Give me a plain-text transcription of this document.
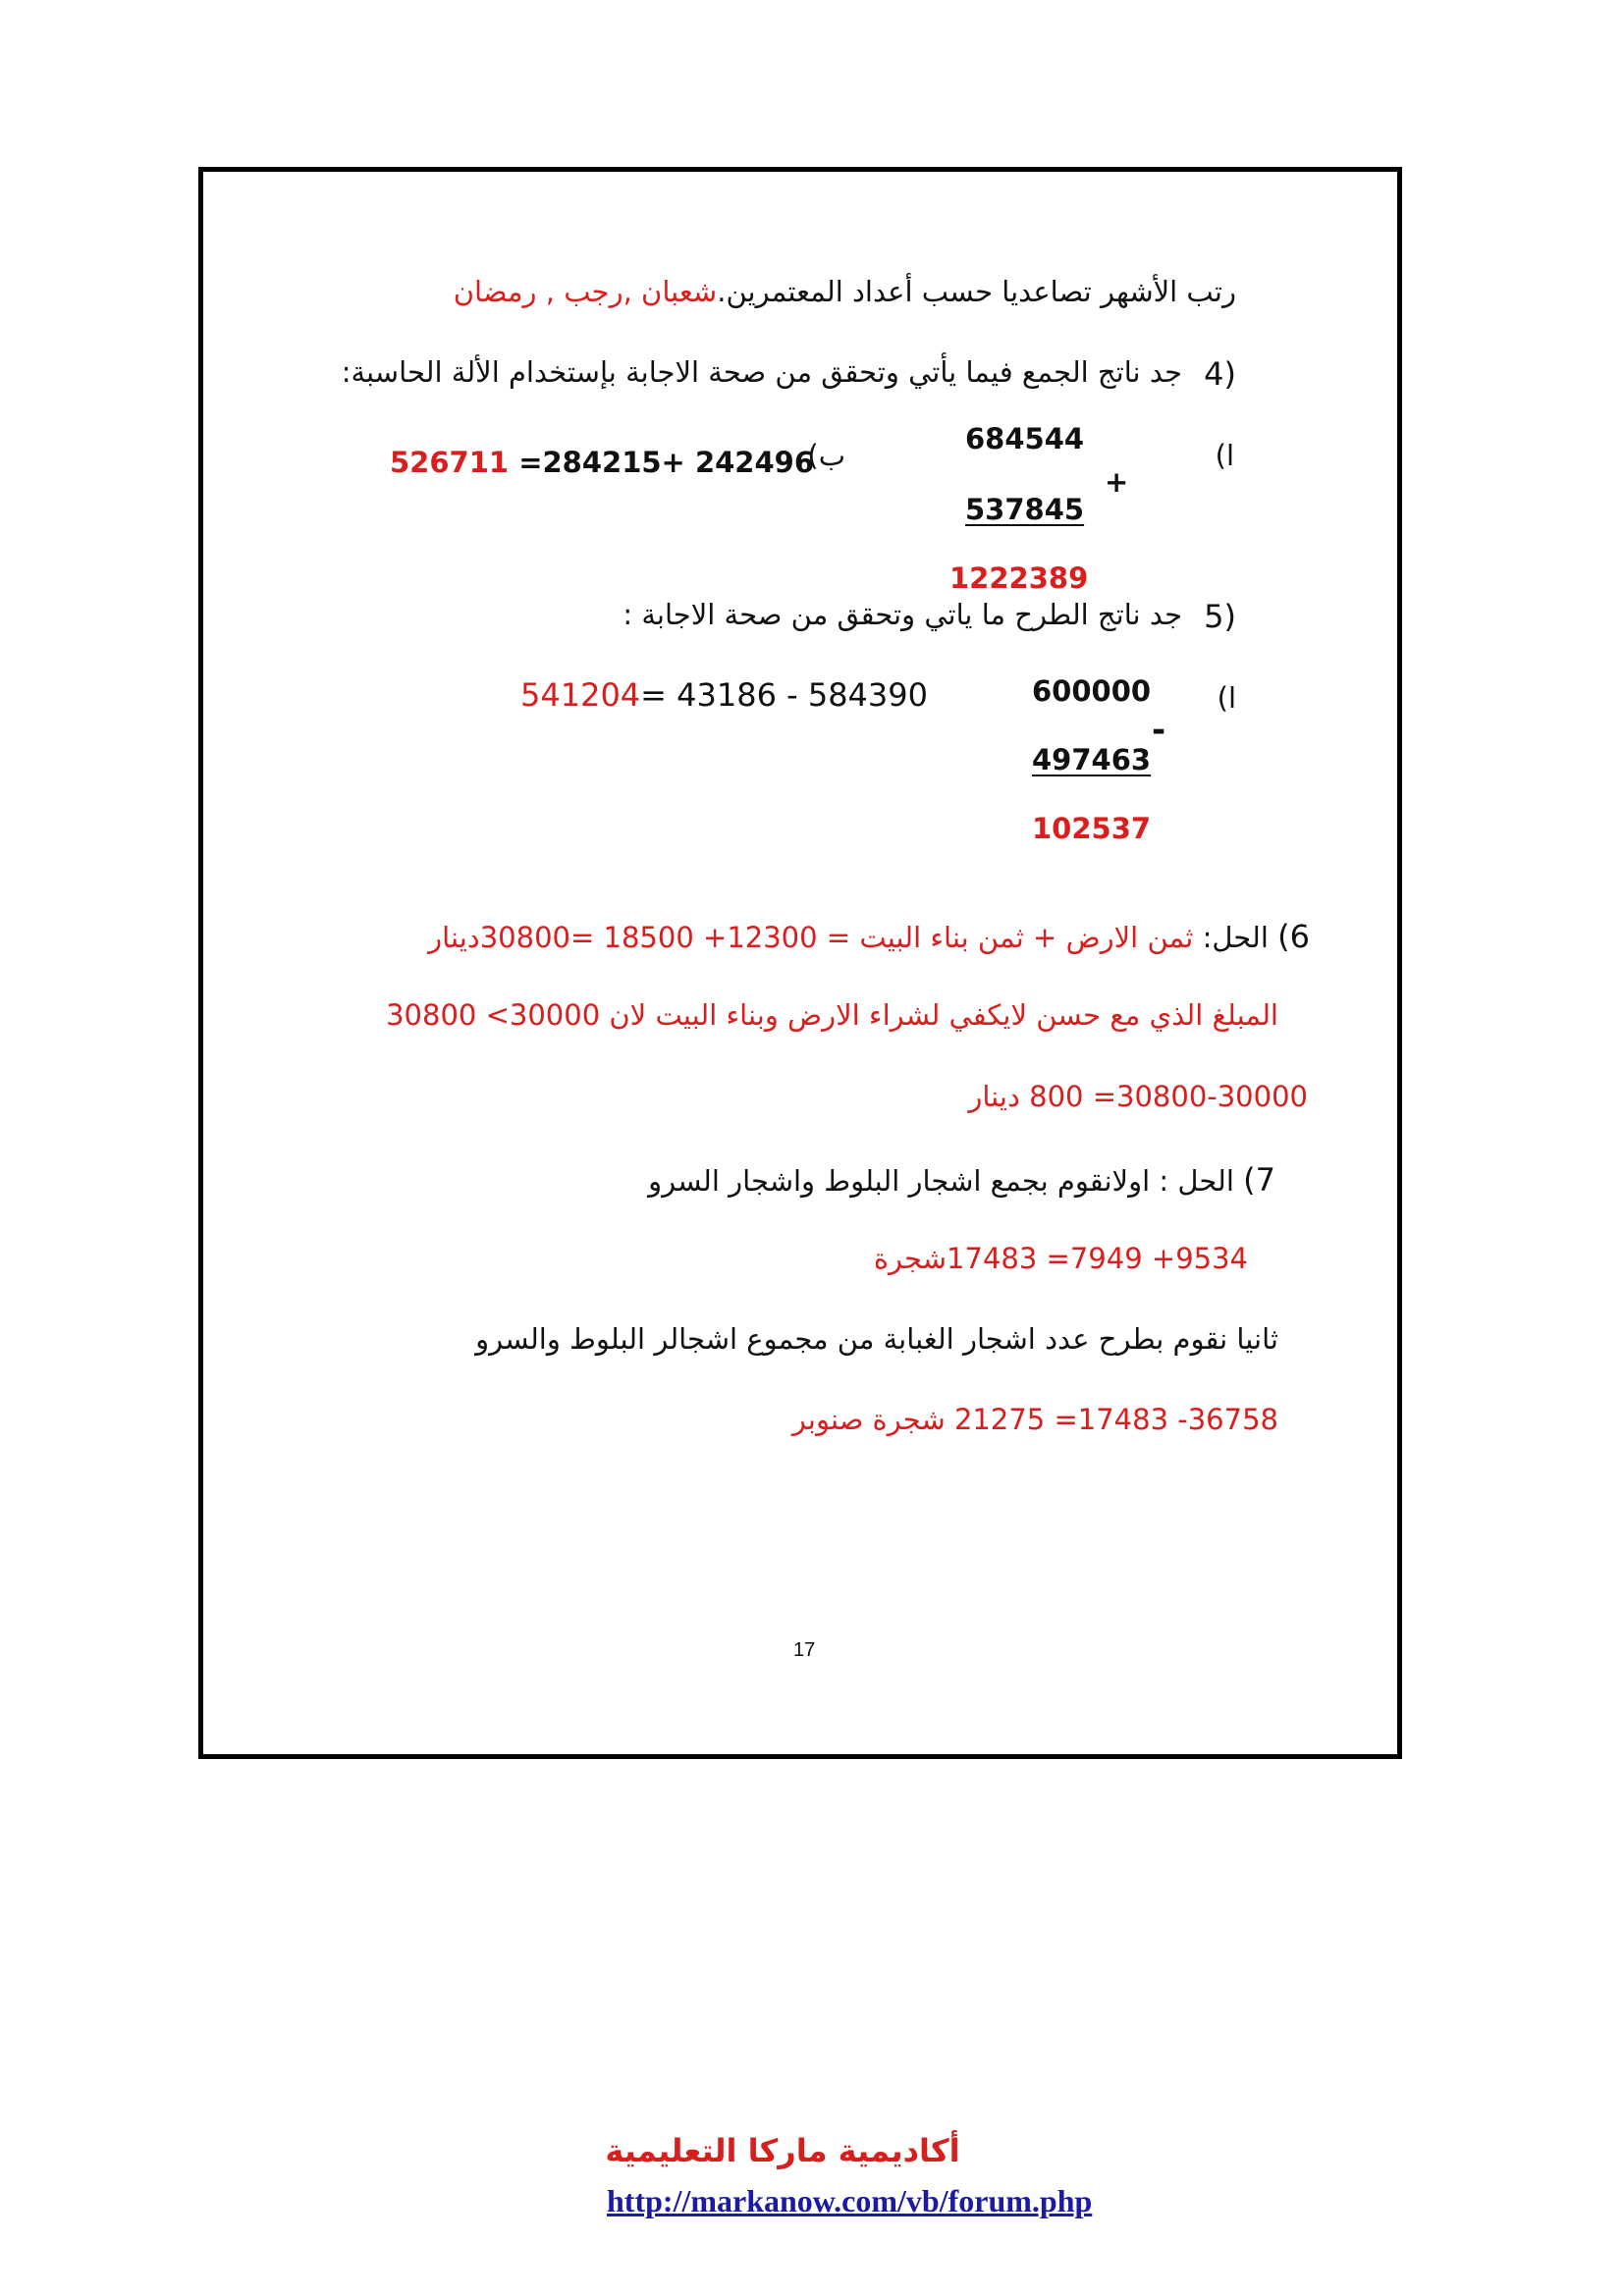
رتب الأشهر تصاعديا حسب أعداد المعتمرين.شعبان ,رجب , رمضان
4)
جد ناتج الجمع فيما يأتي وتحقق من صحة الاجابة بإستخدام الألة الحاسبة:
ا)
684544
+
537845
1222389
ب)
526711 =284215+ 242496
5)
جد ناتج الطرح ما ياتي وتحقق من صحة الاجابة :
ا)
600000
-
497463
102537
541204= 43186 - 584390
6) الحل: ثمن الارض + ثمن بناء البيت = 12300+ 18500 =30800دينار
المبلغ الذي مع حسن لايكفي لشراء الارض وبناء البيت لان 30000> 30800
30800-30000= 800 دينار
7) الحل : اولانقوم بجمع اشجار البلوط واشجار السرو
9534+ 7949= 17483شجرة
ثانيا نقوم بطرح عدد اشجار الغبابة من مجموع اشجالر البلوط والسرو
36758- 17483= 21275 شجرة صنوبر
17
أكاديمية ماركا التعليمية
http://markanow.com/vb/forum.php
